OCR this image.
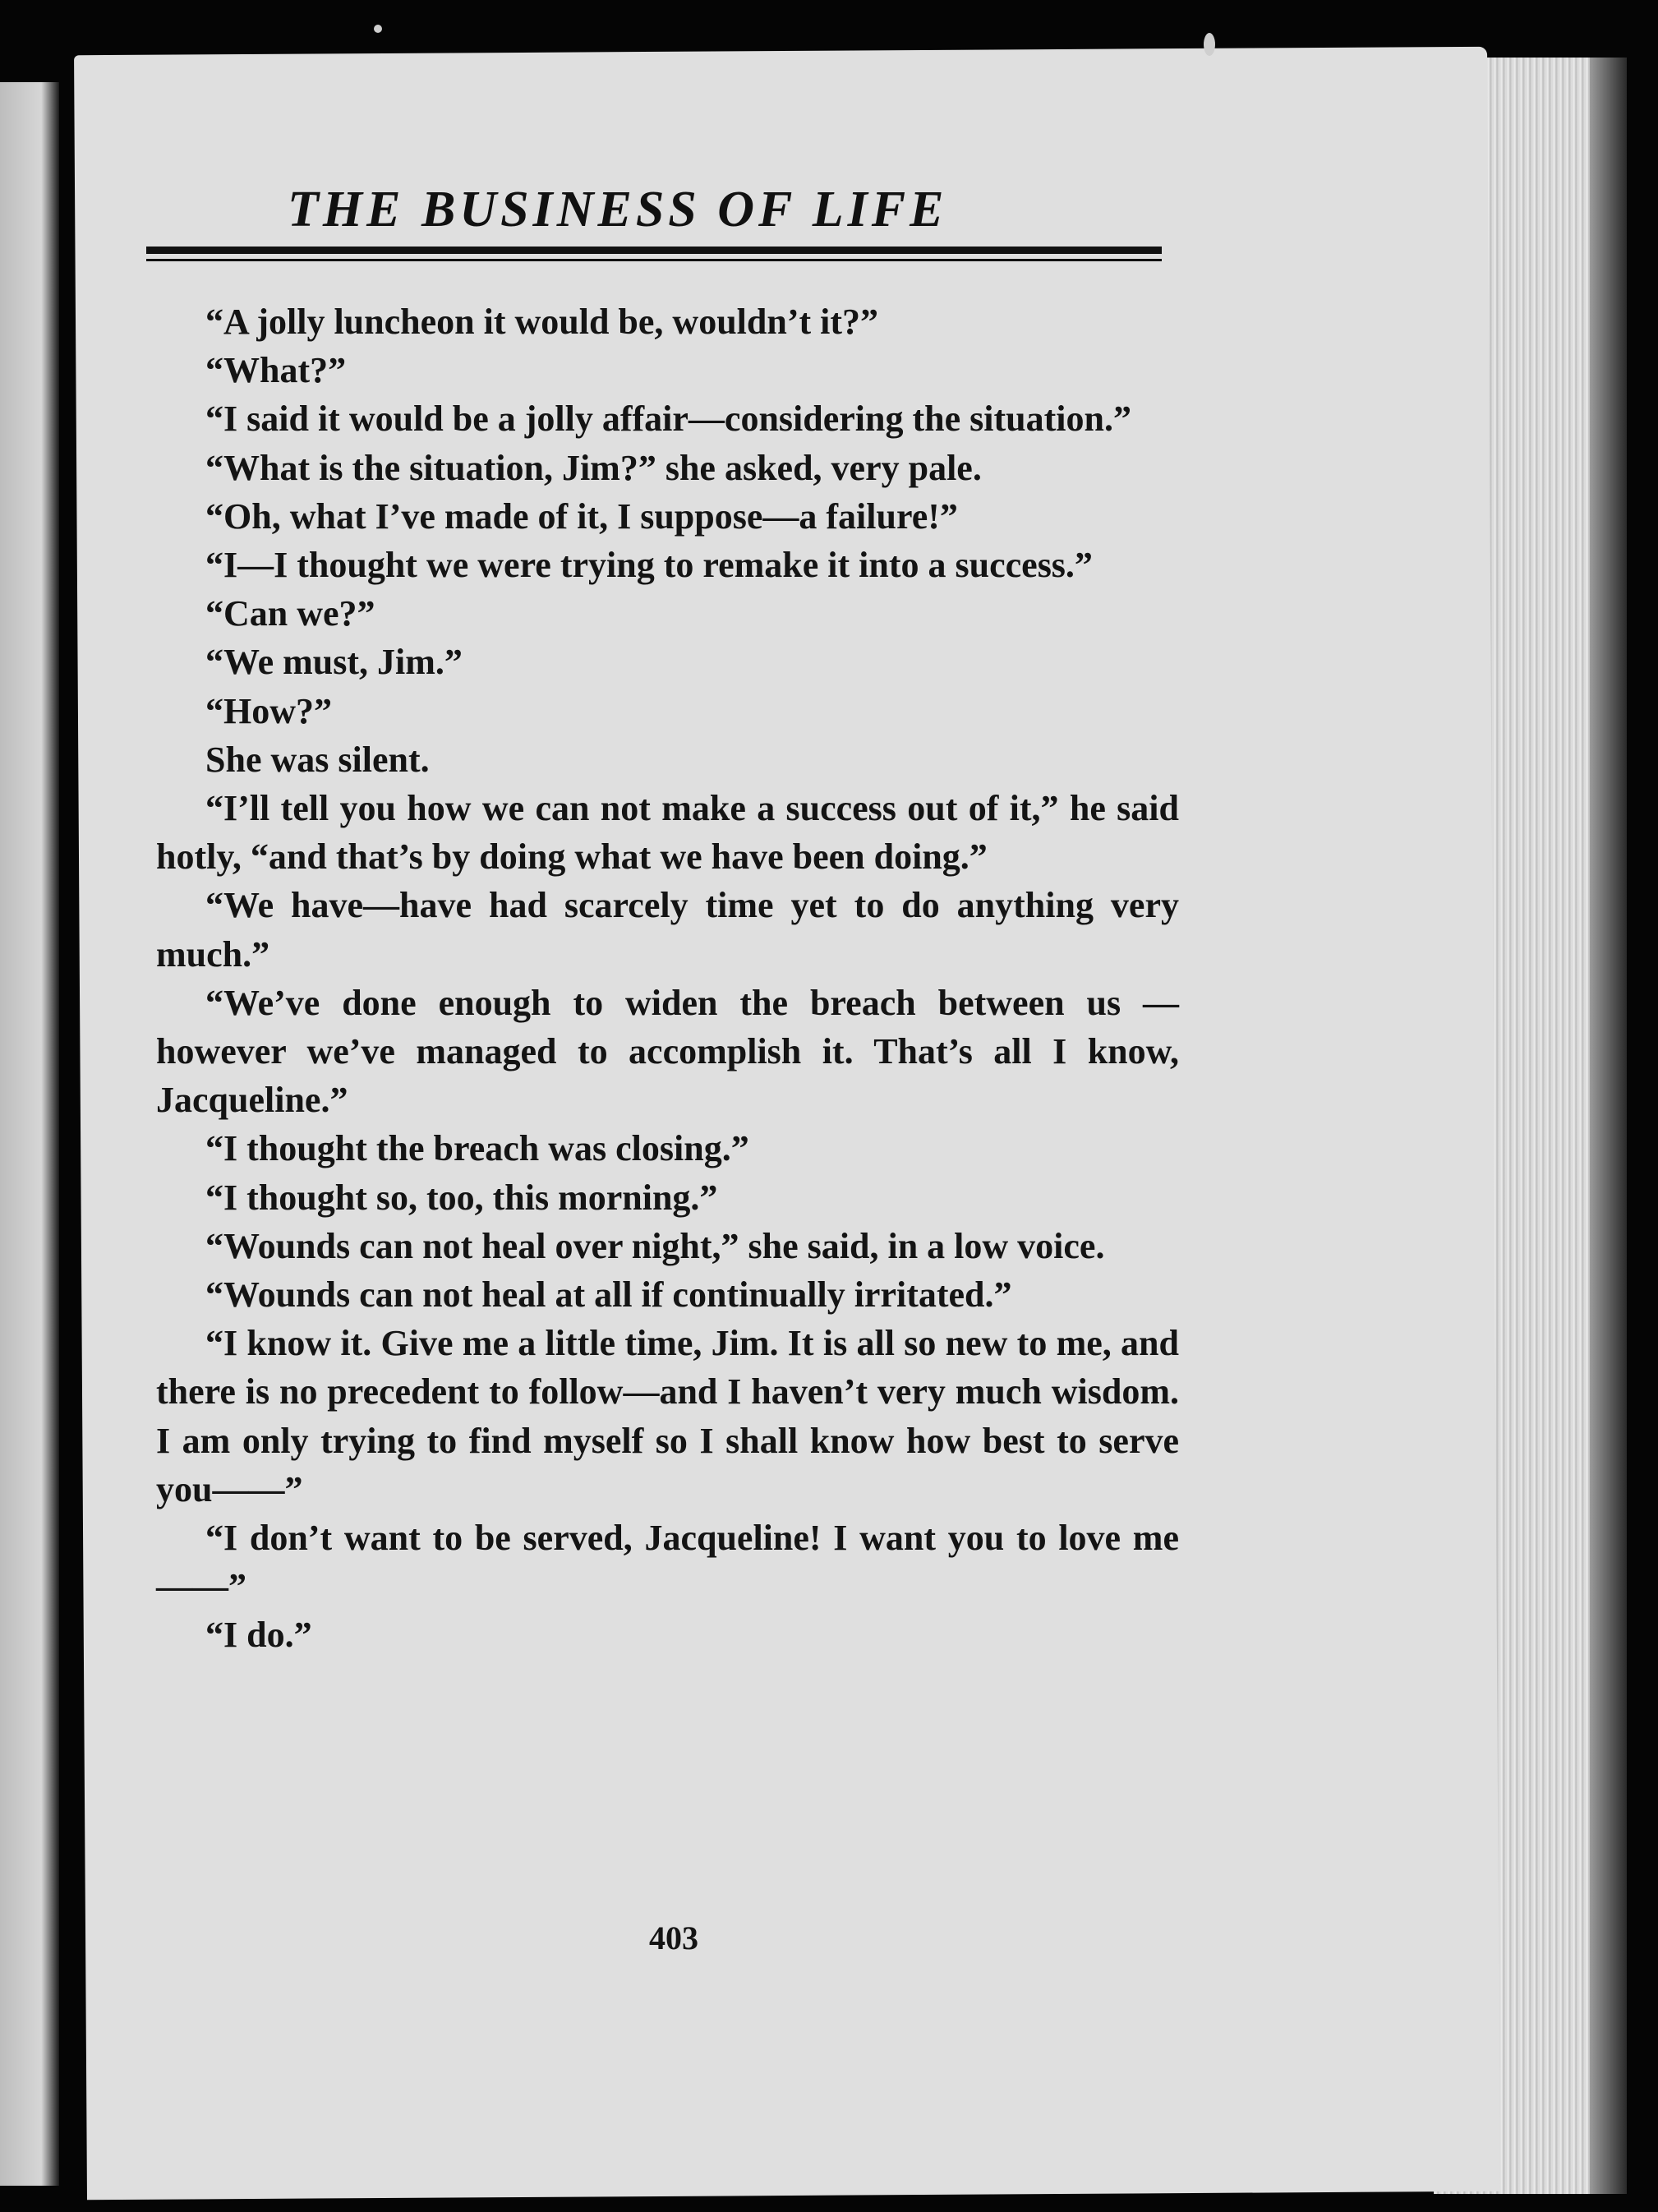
THE BUSINESS OF LIFE

“A jolly luncheon it would be, wouldn’t it?”

“What?”

“I said it would be a jolly affair—considering the situation.”

“What is the situation, Jim?” she asked, very pale.

“Oh, what I’ve made of it, I suppose—a failure!”

“I—I thought we were trying to remake it into a success.”

“Can we?”

“We must, Jim.”

“How?”

She was silent.

“I’ll tell you how we can not make a success out of it,” he said hotly, “and that’s by doing what we have been doing.”

“We have—have had scarcely time yet to do anything very much.”

“We’ve done enough to widen the breach between us —however we’ve managed to accomplish it. That’s all I know, Jacqueline.”

“I thought the breach was closing.”

“I thought so, too, this morning.”

“Wounds can not heal over night,” she said, in a low voice.

“Wounds can not heal at all if continually irritated.”

“I know it. Give me a little time, Jim. It is all so new to me, and there is no precedent to follow—and I haven’t very much wisdom. I am only trying to find myself so I shall know how best to serve you——”

“I don’t want to be served, Jacqueline! I want you to love me——”

“I do.”

403
